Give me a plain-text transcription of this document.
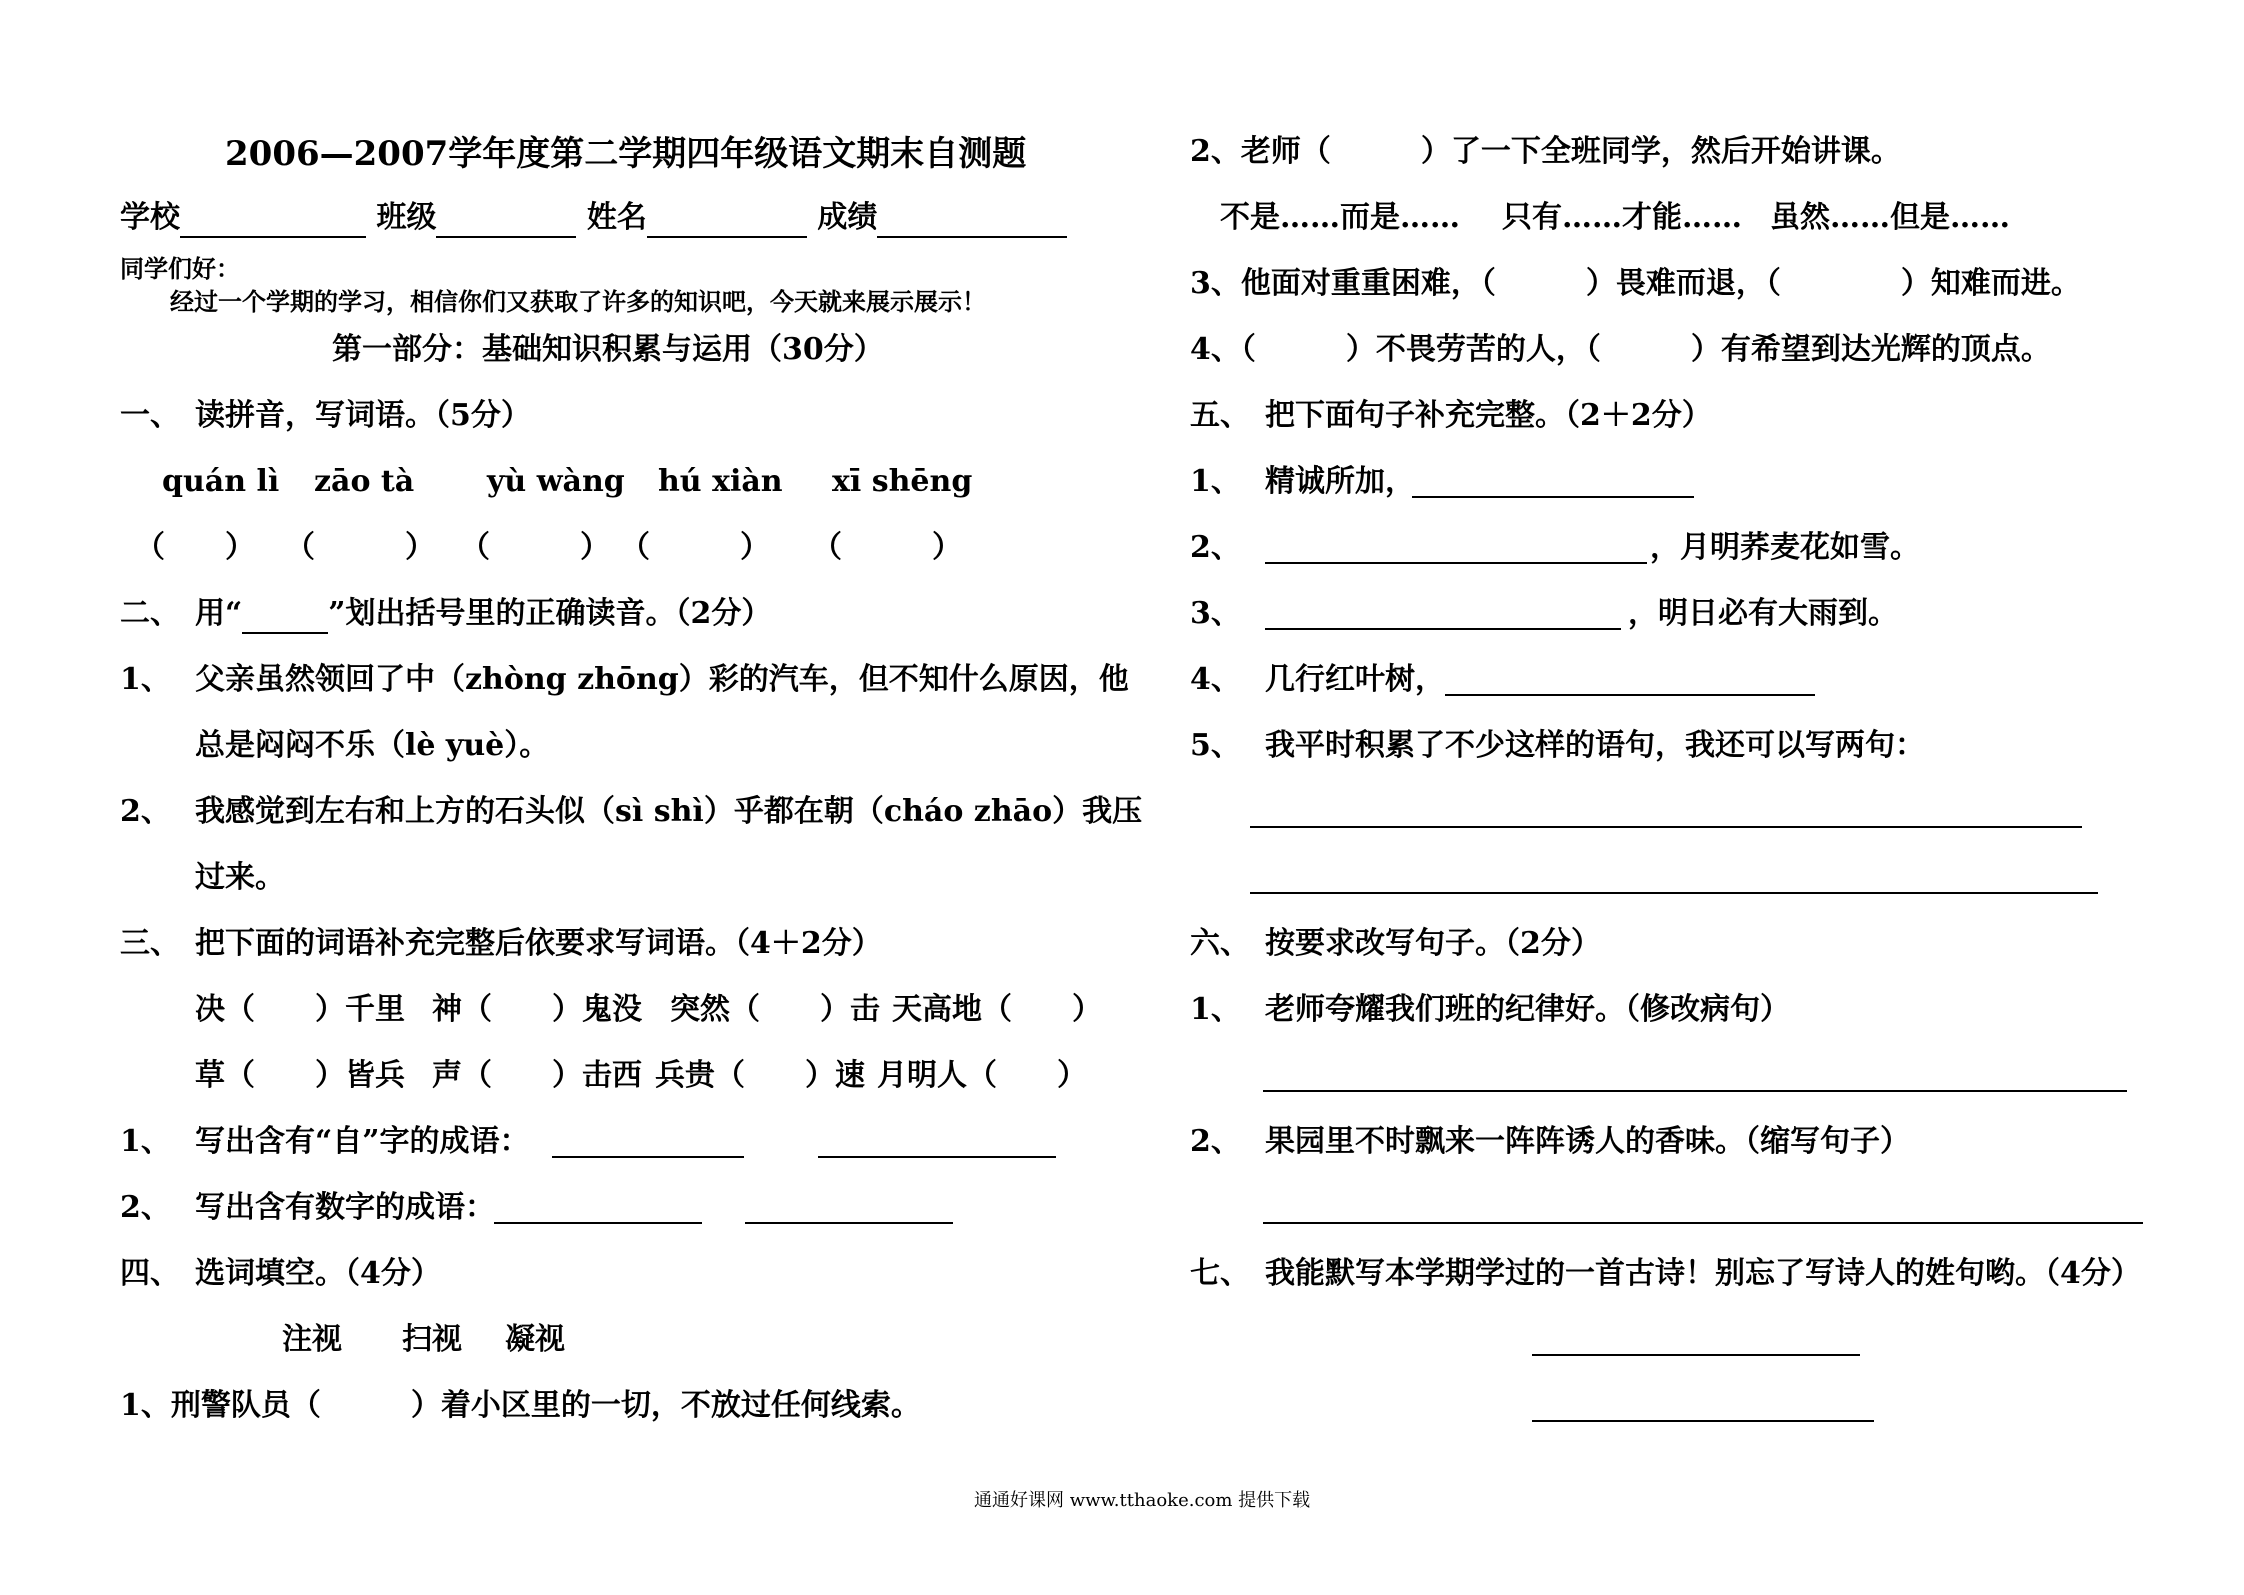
2006—2007学年度第二学期四年级语文期末自测题
学校	班级	姓名	成绩
同学们好：
经过一个学期的学习，相信你们又获取了许多的知识吧，今天就来展示展示！
第一部分：基础知识积累与运用（30分）
一、 读拼音，写词语。（5分）
quán lì zāo tà yù wàng hú xiàn xī shēng
（　　） （　　　） （　　　） （　　　） （　　　）
二、 用“	”划出括号里的正确读音。（2分）
1、 父亲虽然领回了中（zhòng zhōng）彩的汽车，但不知什么原因，他
总是闷闷不乐（lè yuè）。
2、 我感觉到左右和上方的石头似（sì shì）乎都在朝（cháo zhāo）我压
过来。
三、 把下面的词语补充完整后依要求写词语。（4＋2分）
决（　　）千里 神（　　）鬼没 突然（　　）击 天高地（　　）
草（　　）皆兵 声（　　）击西 兵贵（　　）速 月明人（　　）
1、 写出含有“自”字的成语：
2、 写出含有数字的成语：
四、 选词填空。（4分）
注视 扫视 凝视
1、刑警队员（　　　）着小区里的一切，不放过任何线索。
2、老师（　　　）了一下全班同学，然后开始讲课。
不是……而是…… 只有……才能…… 虽然……但是……
3、他面对重重困难，（　　　）畏难而退，（　　　　）知难而进。
4、（　　　）不畏劳苦的人，（　　　）有希望到达光辉的顶点。
五、 把下面句子补充完整。（2＋2分）
1、 精诚所加，
2、	，月明荞麦花如雪。
3、	，明日必有大雨到。
4、 几行红叶树，
5、 我平时积累了不少这样的语句，我还可以写两句：
六、 按要求改写句子。（2分）
1、 老师夸耀我们班的纪律好。（修改病句）
2、 果园里不时飘来一阵阵诱人的香味。（缩写句子）
七、 我能默写本学期学过的一首古诗！别忘了写诗人的姓句哟。（4分）
通通好课网 www.tthaoke.com 提供下载
